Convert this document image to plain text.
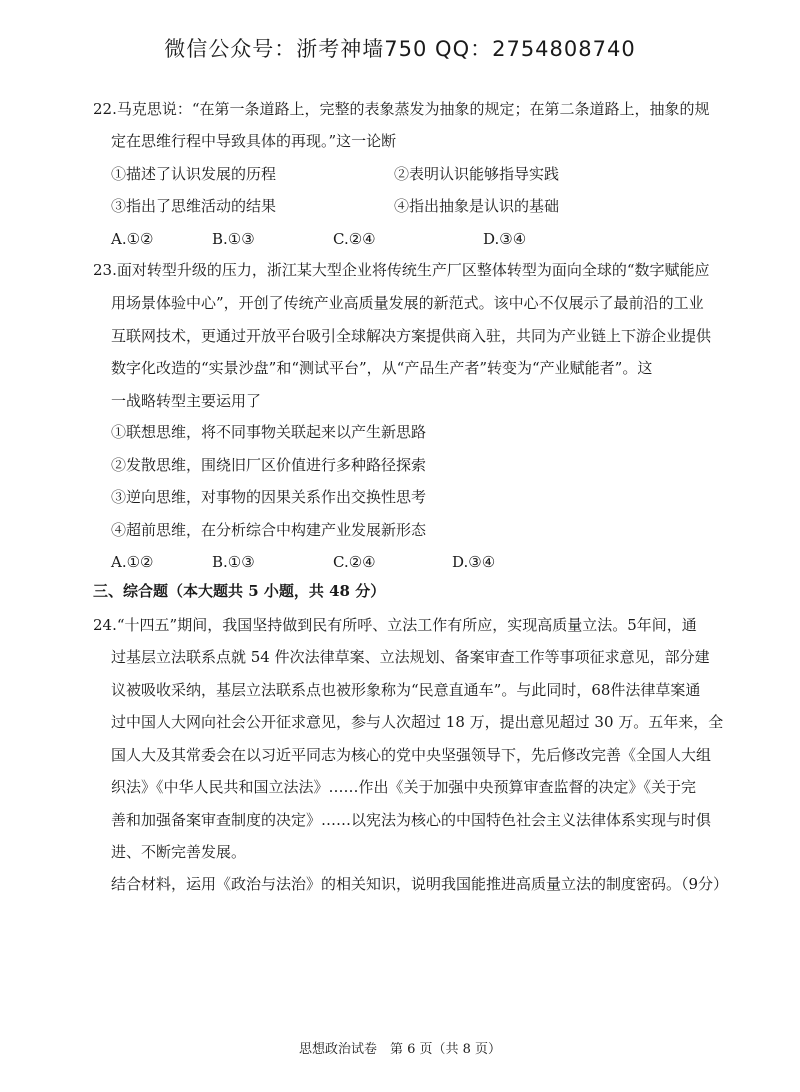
微信公众号：浙考神墙750 QQ：2754808740
22.马克思说：“在第一条道路上，完整的表象蒸发为抽象的规定；在第二条道路上，抽象的规
定在思维行程中导致具体的再现。”这一论断
①描述了认识发展的历程	②表明认识能够指导实践
③指出了思维活动的结果	④指出抽象是认识的基础
A.①②	B.①③	C.②④	D.③④
23.面对转型升级的压力，浙江某大型企业将传统生产厂区整体转型为面向全球的“数字赋能应
用场景体验中心”，开创了传统产业高质量发展的新范式。该中心不仅展示了最前沿的工业
互联网技术，更通过开放平台吸引全球解决方案提供商入驻，共同为产业链上下游企业提供
数字化改造的“实景沙盘”和“测试平台”，从“产品生产者”转变为“产业赋能者”。这
一战略转型主要运用了
①联想思维，将不同事物关联起来以产生新思路
②发散思维，围绕旧厂区价值进行多种路径探索
③逆向思维，对事物的因果关系作出交换性思考
④超前思维，在分析综合中构建产业发展新形态
A.①②	B.①③	C.②④	D.③④
三、综合题（本大题共 5 小题，共 48 分）
24.“十四五”期间，我国坚持做到民有所呼、立法工作有所应，实现高质量立法。5年间，通
过基层立法联系点就 54 件次法律草案、立法规划、备案审查工作等事项征求意见，部分建
议被吸收采纳，基层立法联系点也被形象称为“民意直通车”。与此同时，68件法律草案通
过中国人大网向社会公开征求意见，参与人次超过 18 万，提出意见超过 30 万。五年来，全
国人大及其常委会在以习近平同志为核心的党中央坚强领导下，先后修改完善《全国人大组
织法》《中华人民共和国立法法》……作出《关于加强中央预算审查监督的决定》《关于完
善和加强备案审查制度的决定》……以宪法为核心的中国特色社会主义法律体系实现与时俱
进、不断完善发展。
结合材料，运用《政治与法治》的相关知识，说明我国能推进高质量立法的制度密码。（9分）
思想政治试卷　第 6 页（共 8 页）
